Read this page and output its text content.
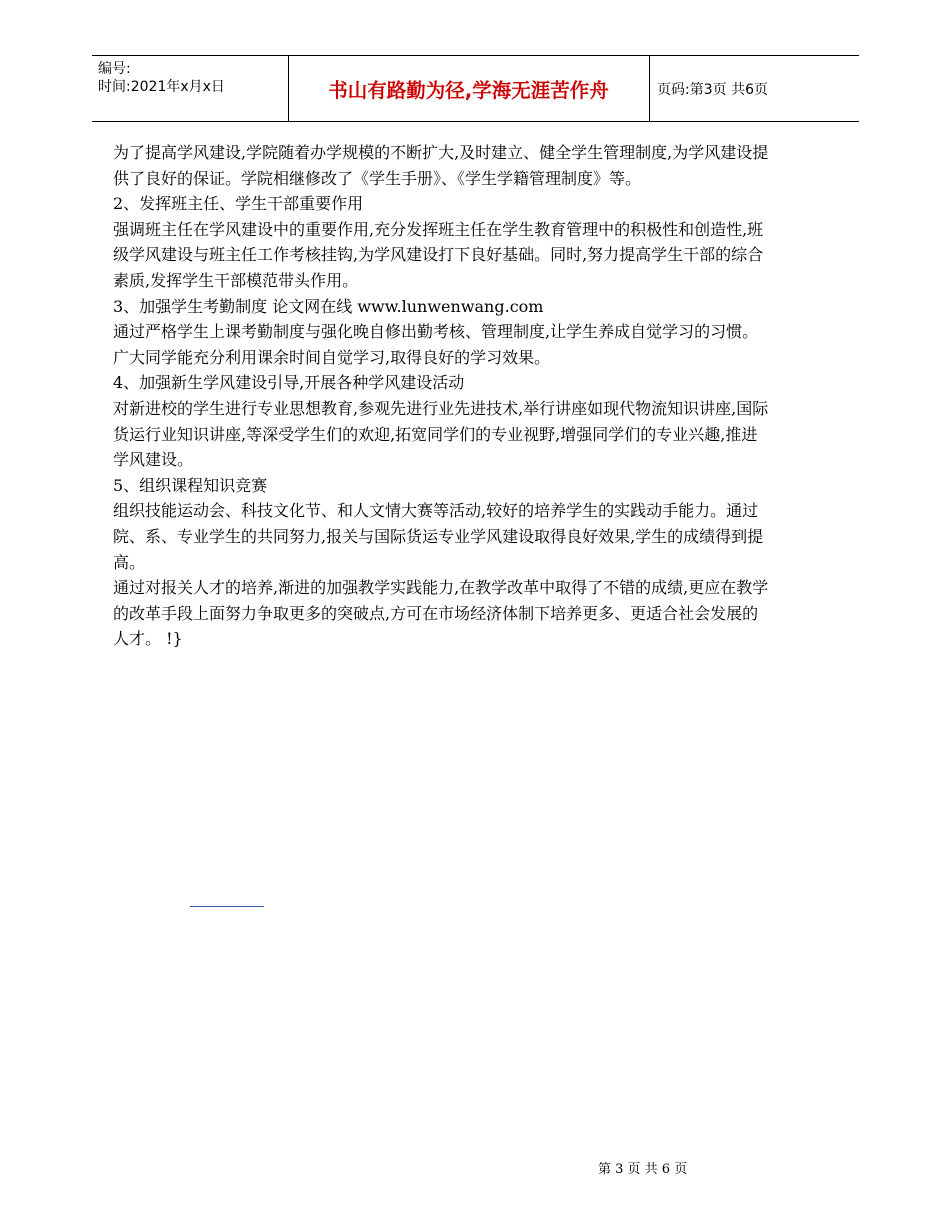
编号:
时间:2021年x月x日	书山有路勤为径,学海无涯苦作舟	页码:第3页 共6页

为了提高学风建设,学院随着办学规模的不断扩大,及时建立、健全学生管理制度,为学风建设提供了良好的保证。学院相继修改了《学生手册》、《学生学籍管理制度》等。

2、发挥班主任、学生干部重要作用

强调班主任在学风建设中的重要作用,充分发挥班主任在学生教育管理中的积极性和创造性,班级学风建设与班主任工作考核挂钩,为学风建设打下良好基础。同时,努力提高学生干部的综合素质,发挥学生干部模范带头作用。

3、加强学生考勤制度 论文网在线 www.lunwenwang.com

通过严格学生上课考勤制度与强化晚自修出勤考核、管理制度,让学生养成自觉学习的习惯。广大同学能充分利用课余时间自觉学习,取得良好的学习效果。

4、加强新生学风建设引导,开展各种学风建设活动

对新进校的学生进行专业思想教育,参观先进行业先进技术,举行讲座如现代物流知识讲座,国际货运行业知识讲座,等深受学生们的欢迎,拓宽同学们的专业视野,增强同学们的专业兴趣,推进学风建设。

5、组织课程知识竞赛

组织技能运动会、科技文化节、和人文情大赛等活动,较好的培养学生的实践动手能力。通过院、系、专业学生的共同努力,报关与国际货运专业学风建设取得良好效果,学生的成绩得到提高。

通过对报关人才的培养,渐进的加强教学实践能力,在教学改革中取得了不错的成绩,更应在教学的改革手段上面努力争取更多的突破点,方可在市场经济体制下培养更多、更适合社会发展的人才。 !}

第 3 页 共 6 页
